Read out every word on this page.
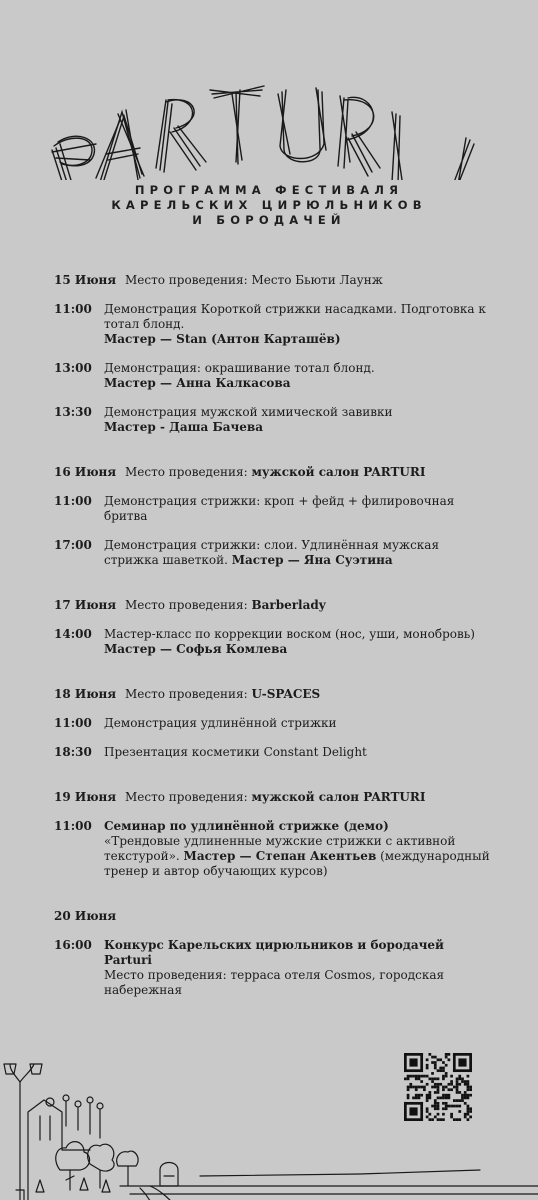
ПРОГРАММА ФЕСТИВАЛЯ
КАРЕЛЬСКИХ ЦИРЮЛЬНИКОВ
И БОРОДАЧЕЙ
15 Июня Место проведения: Место Бьюти Лаунж
11:00	Демонстрация Короткой стрижки насадками. Подготовка к тотал блонд.
Мастер — Stan (Антон Карташёв)
13:00	Демонстрация: окрашивание тотал блонд.
Мастер — Анна Калкасова
13:30	Демонстрация мужской химической завивки
Мастер - Даша Бачева
16 Июня Место проведения: мужской салон PARTURI
11:00	Демонстрация стрижки: кроп + фейд + филировочная бритва
17:00	Демонстрация стрижки: слои. Удлинённая мужская стрижка шаветкой. Мастер — Яна Суэтина
17 Июня Место проведения: Barberlady
14:00	Мастер-класс по коррекции воском (нос, уши, монобровь)
Мастер — Софья Комлева
18 Июня Место проведения: U-SPACES
11:00	Демонстрация удлинённой стрижки
18:30	Презентация косметики Constant Delight
19 Июня Место проведения: мужской салон PARTURI
11:00	Семинар по удлинённой стрижке (демо)
«Трендовые удлиненные мужские стрижки с активной текстурой». Мастер — Степан Акентьев (международный тренер и автор обучающих курсов)
20 Июня
16:00	Конкурс Карельских цирюльников и бородачей Parturi
Место проведения: терраса отеля Cosmos, городская набережная
